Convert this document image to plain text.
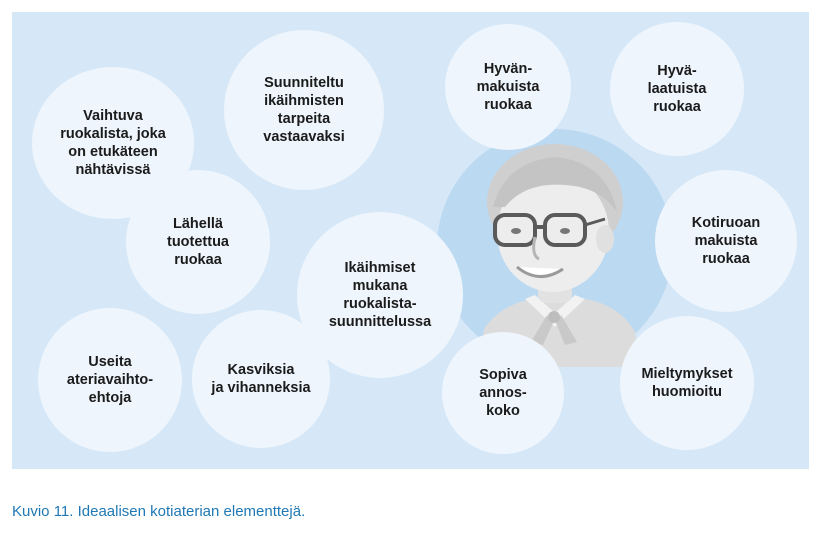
Vaihtuva
ruokalista, joka
on etukäteen
nähtävissä
Suunniteltu
ikäihmisten
tarpeita
vastaavaksi
Hyvän-
makuista
ruokaa
Hyvä-
laatuista
ruokaa
Lähellä
tuotettua
ruokaa	Ikäihmiset
mukana
ruokalista-
suunnittelussa
Kotiruoan
makuista
ruokaa
Useita
ateriavaihto-
ehtoja
Kasviksia
ja vihanneksia
Sopiva
annos-
koko
Mieltymykset
huomioitu
Kuvio 11. Ideaalisen kotiaterian elementtejä.
